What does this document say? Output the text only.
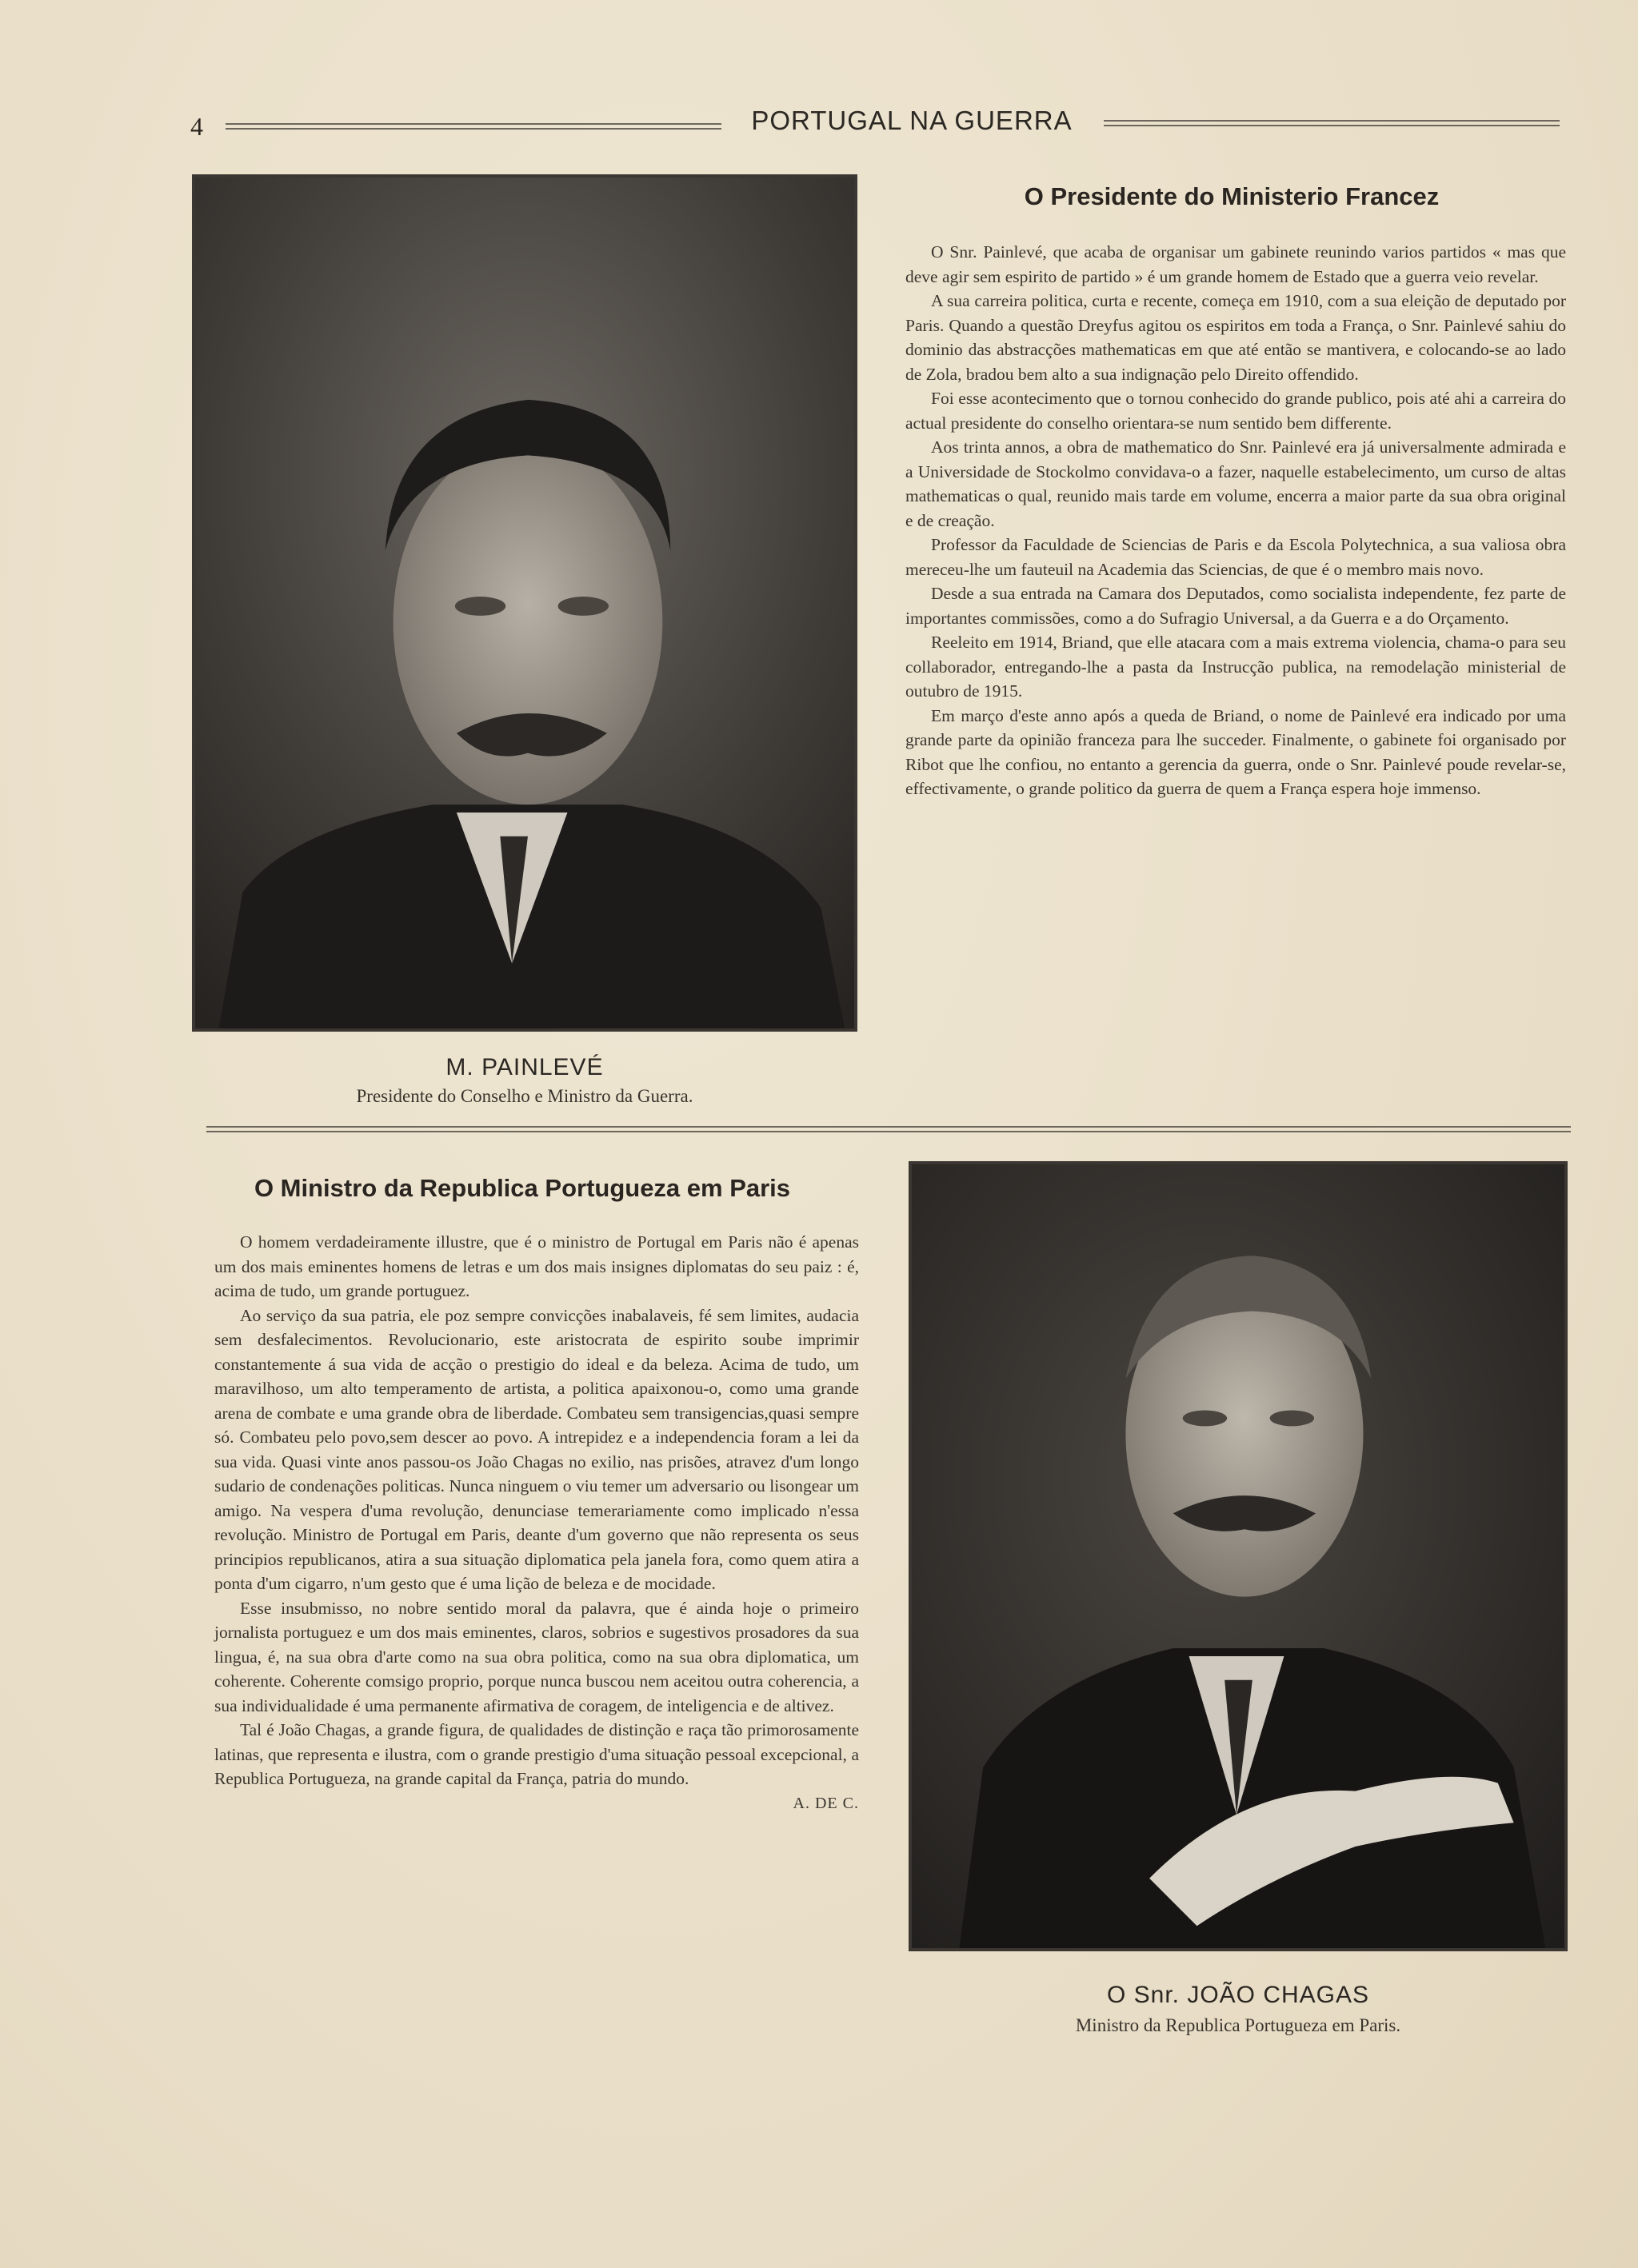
4	PORTUGAL NA GUERRA
M. PAINLEVÉ
Presidente do Conselho e Ministro da Guerra.
O Presidente do Ministerio Francez

O Snr. Painlevé, que acaba de organisar um gabinete reunindo varios partidos « mas que deve agir sem espirito de partido » é um grande homem de Estado que a guerra veio revelar.

A sua carreira politica, curta e recente, começa em 1910, com a sua eleição de deputado por Paris. Quando a questão Dreyfus agitou os espiritos em toda a França, o Snr. Painlevé sahiu do dominio das abstracções mathematicas em que até então se mantivera, e colocando-se ao lado de Zola, bradou bem alto a sua indignação pelo Direito offendido.

Foi esse acontecimento que o tornou conhecido do grande publico, pois até ahi a carreira do actual presidente do conselho orientara-se num sentido bem differente.

Aos trinta annos, a obra de mathematico do Snr. Painlevé era já universalmente admirada e a Universidade de Stockolmo convidava-o a fazer, naquelle estabelecimento, um curso de altas mathematicas o qual, reunido mais tarde em volume, encerra a maior parte da sua obra original e de creação.

Professor da Faculdade de Sciencias de Paris e da Escola Polytechnica, a sua valiosa obra mereceu-lhe um fauteuil na Academia das Sciencias, de que é o membro mais novo.

Desde a sua entrada na Camara dos Deputados, como socialista independente, fez parte de importantes commissões, como a do Sufragio Universal, a da Guerra e a do Orçamento.

Reeleito em 1914, Briand, que elle atacara com a mais extrema violencia, chama-o para seu collaborador, entregando-lhe a pasta da Instrucção publica, na remodelação ministerial de outubro de 1915.

Em março d'este anno após a queda de Briand, o nome de Painlevé era indicado por uma grande parte da opinião franceza para lhe succeder. Finalmente, o gabinete foi organisado por Ribot que lhe confiou, no entanto a gerencia da guerra, onde o Snr. Painlevé poude revelar-se, effectivamente, o grande politico da guerra de quem a França espera hoje immenso.

O Ministro da Republica Portugueza em Paris

O homem verdadeiramente illustre, que é o ministro de Portugal em Paris não é apenas um dos mais eminentes homens de letras e um dos mais insignes diplomatas do seu paiz : é, acima de tudo, um grande portuguez.

Ao serviço da sua patria, ele poz sempre convicções inabalaveis, fé sem limites, audacia sem desfalecimentos. Revolucionario, este aristocrata de espirito soube imprimir constantemente á sua vida de acção o prestigio do ideal e da beleza. Acima de tudo, um maravilhoso, um alto temperamento de artista, a politica apaixonou-o, como uma grande arena de combate e uma grande obra de liberdade. Combateu sem transigencias,quasi sempre só. Combateu pelo povo,sem descer ao povo. A intrepidez e a independencia foram a lei da sua vida. Quasi vinte anos passou-os João Chagas no exilio, nas prisões, atravez d'um longo sudario de condenações politicas. Nunca ninguem o viu temer um adversario ou lisongear um amigo. Na vespera d'uma revolução, denunciase temerariamente como implicado n'essa revolução. Ministro de Portugal em Paris, deante d'um governo que não representa os seus principios republicanos, atira a sua situação diplomatica pela janela fora, como quem atira a ponta d'um cigarro, n'um gesto que é uma lição de beleza e de mocidade.

Esse insubmisso, no nobre sentido moral da palavra, que é ainda hoje o primeiro jornalista portuguez e um dos mais eminentes, claros, sobrios e sugestivos prosadores da sua lingua, é, na sua obra d'arte como na sua obra politica, como na sua obra diplomatica, um coherente. Coherente comsigo proprio, porque nunca buscou nem aceitou outra coherencia, a sua individualidade é uma permanente afirmativa de coragem, de inteligencia e de altivez.

Tal é João Chagas, a grande figura, de qualidades de distinção e raça tão primorosamente latinas, que representa e ilustra, com o grande prestigio d'uma situação pessoal excepcional, a Republica Portugueza, na grande capital da França, patria do mundo.

A. DE C.
O Snr. JOÃO CHAGAS
Ministro da Republica Portugueza em Paris.
